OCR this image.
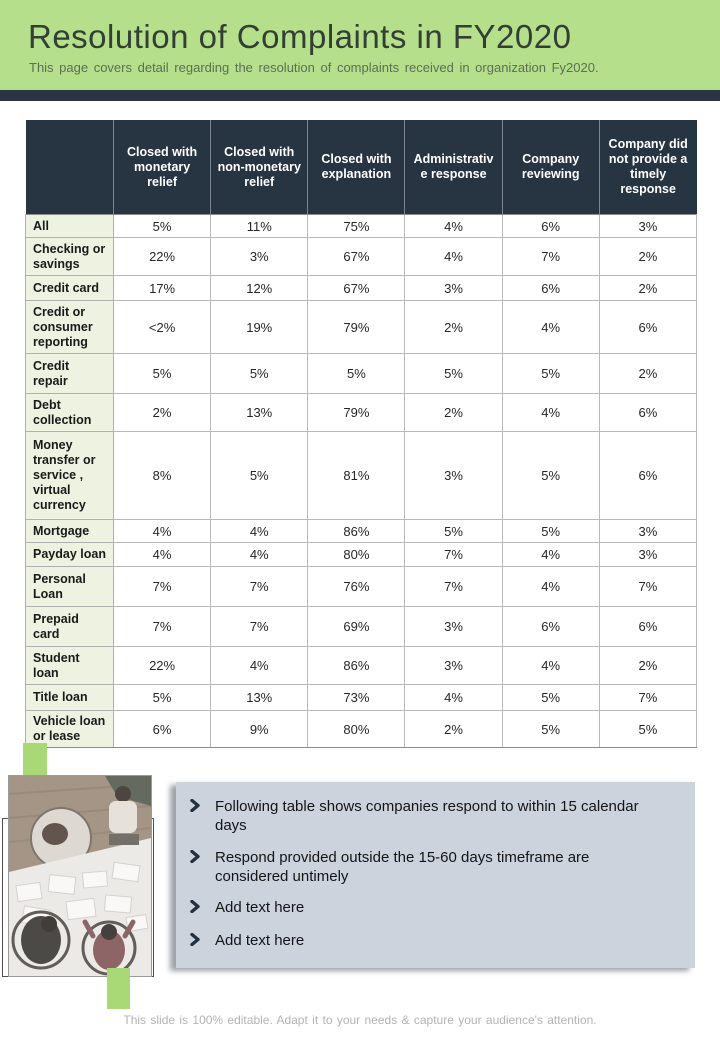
Resolution of Complaints in FY2020

This page covers detail regarding the resolution of complaints received in organization Fy2020.

	Closed with monetary relief	Closed with non-monetary relief	Closed with explanation	Administrativ e response	Company reviewing	Company did not provide a timely response
All	5%	11%	75%	4%	6%	3%
Checking or savings	22%	3%	67%	4%	7%	2%
Credit card	17%	12%	67%	3%	6%	2%
Credit or consumer reporting	<2%	19%	79%	2%	4%	6%
Credit repair	5%	5%	5%	5%	5%	2%
Debt collection	2%	13%	79%	2%	4%	6%
Money transfer or service , virtual currency	8%	5%	81%	3%	5%	6%
Mortgage	4%	4%	86%	5%	5%	3%
Payday loan	4%	4%	80%	7%	4%	3%
Personal Loan	7%	7%	76%	7%	4%	7%
Prepaid card	7%	7%	69%	3%	6%	6%
Student loan	22%	4%	86%	3%	4%	2%
Title loan	5%	13%	73%	4%	5%	7%
Vehicle loan or lease	6%	9%	80%	2%	5%	5%
Following table shows companies respond to within 15 calendar days
Respond provided outside the 15-60 days timeframe are considered untimely
Add text here
Add text here
This slide is 100% editable. Adapt it to your needs & capture your audience's attention.
